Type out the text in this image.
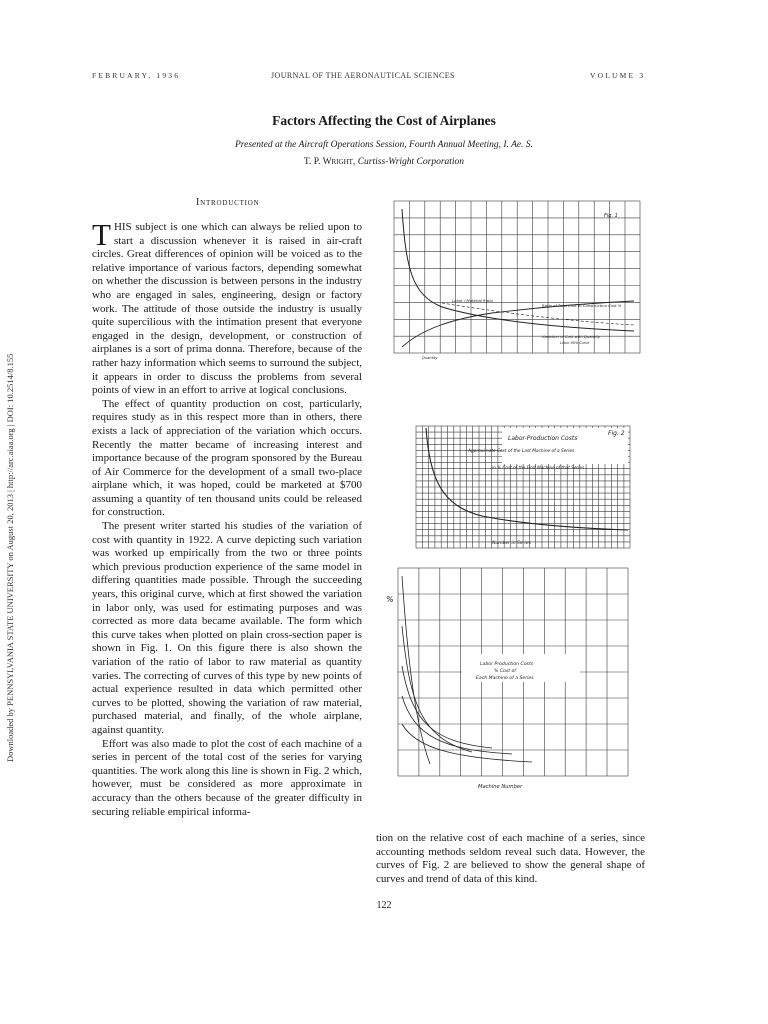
FEBRUARY, 1936	JOURNAL OF THE AERONAUTICAL SCIENCES	VOLUME 3
Factors Affecting the Cost of Airplanes
Presented at the Aircraft Operations Session, Fourth Annual Meeting, I. Ae. S.
T. P. Wright, Curtiss-Wright Corporation
Introduction
Downloaded by PENNSYLVANIA STATE UNIVERSITY on August 20, 2013 | http://arc.aiaa.org | DOI: 10.2514/8.155

THIS subject is one which can always be relied upon to start a discussion whenever it is raised in air-craft circles. Great differences of opinion will be voiced as to the relative importance of various factors, depending somewhat on whether the discussion is between persons in the industry who are engaged in sales, engineering, design or factory work. The attitude of those outside the industry is usually quite supercilious with the intimation present that everyone engaged in the design, development, or construction of airplanes is a sort of prima donna. Therefore, because of the rather hazy information which seems to surround the subject, it appears in order to discuss the problems from several points of view in an effort to arrive at logical conclusions.

The effect of quantity production on cost, particularly, requires study as in this respect more than in others, there exists a lack of appreciation of the variation which occurs. Recently the matter became of increasing interest and importance because of the program sponsored by the Bureau of Air Commerce for the development of a small two-place airplane which, it was hoped, could be marketed at $700 assuming a quantity of ten thousand units could be released for construction.

The present writer started his studies of the variation of cost with quantity in 1922. A curve depicting such variation was worked up empirically from the two or three points which previous production experience of the same model in differing quantities made possible. Through the succeeding years, this original curve, which at first showed the variation in labor only, was used for estimating purposes and was corrected as more data became available. The form which this curve takes when plotted on plain cross-section paper is shown in Fig. 1. On this figure there is also shown the variation of the ratio of labor to raw material as quantity varies. The correcting of curves of this type by new points of actual experience resulted in data which permitted other curves to be plotted, showing the variation of raw material, purchased material, and finally, of the whole airplane, against quantity.

Effort was also made to plot the cost of each machine of a series in percent of the total cost of the series for varying quantities. The work along this line is shown in Fig. 2 which, however, must be considered as more approximate in accuracy than the others because of the greater difficulty in securing reliable empirical informa-

tion on the relative cost of each machine of a series, since accounting methods seldom reveal such data. However, the curves of Fig. 2 are believed to show the general shape of curves and trend of data of this kind.

Fig. 1
Labor / Material Ratio
Ratio of Total Cost to Construction Cost %
Variation of Cost with Quantity
Labor 80% Curve
Quantity
Fig. 2
Labor-Production Costs
Approximate Cost of the Last Machine of a Series
in % Cost of the First Machine of that Series
Number in Series
%
Labor Production Costs
% Cost of
Each Machine of a Series
Machine Number
122
